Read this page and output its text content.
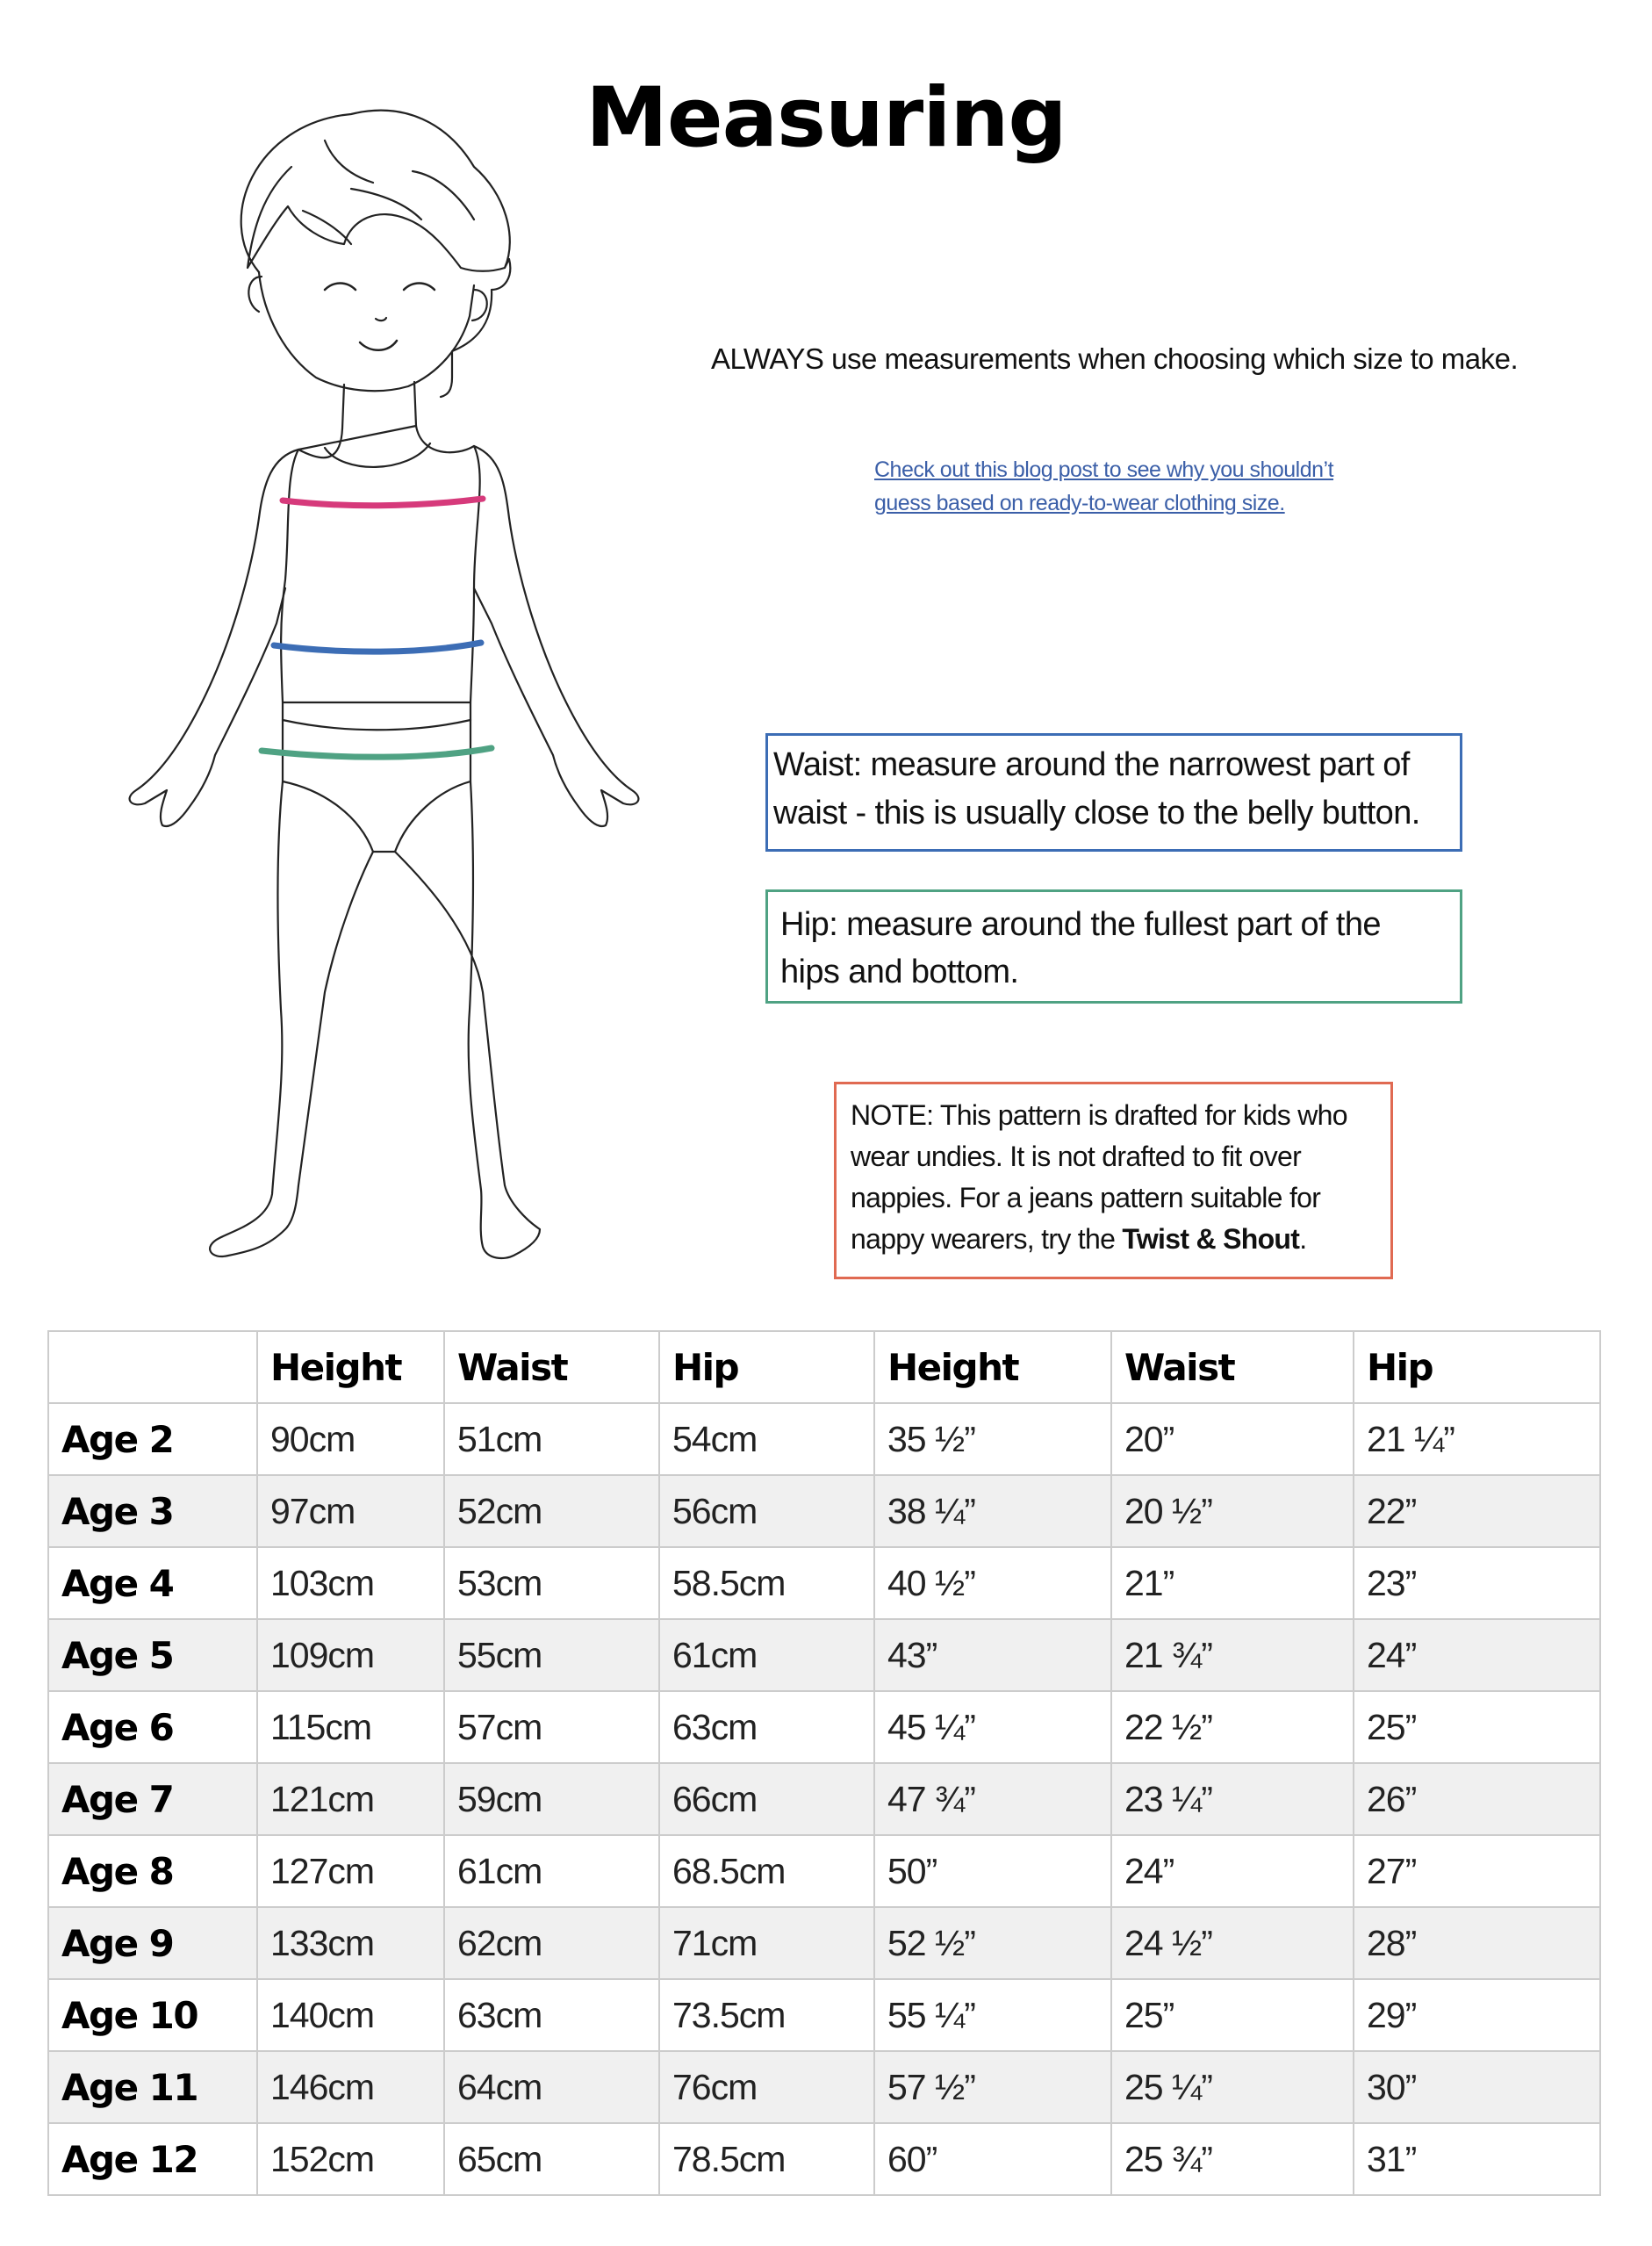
Measuring
ALWAYS use measurements when choosing which size to make.
Check out this blog post to see why you shouldn’t
guess based on ready-to-wear clothing size.
Waist: measure around the narrowest part of
waist - this is usually close to the belly button.
Hip: measure around the fullest part of the
hips and bottom.
NOTE: This pattern is drafted for kids who wear undies. It is not drafted to fit over nappies. For a jeans pattern suitable for nappy wearers, try the Twist & Shout.
	Height	Waist	Hip	Height	Waist	Hip
Age 2	90cm	51cm	54cm	35 ½”	20”	21 ¼”
Age 3	97cm	52cm	56cm	38 ¼”	20 ½”	22”
Age 4	103cm	53cm	58.5cm	40 ½”	21”	23”
Age 5	109cm	55cm	61cm	43”	21 ¾”	24”
Age 6	115cm	57cm	63cm	45 ¼”	22 ½”	25”
Age 7	121cm	59cm	66cm	47 ¾”	23 ¼”	26”
Age 8	127cm	61cm	68.5cm	50”	24”	27”
Age 9	133cm	62cm	71cm	52 ½”	24 ½”	28”
Age 10	140cm	63cm	73.5cm	55 ¼”	25”	29”
Age 11	146cm	64cm	76cm	57 ½”	25 ¼”	30”
Age 12	152cm	65cm	78.5cm	60”	25 ¾”	31”
